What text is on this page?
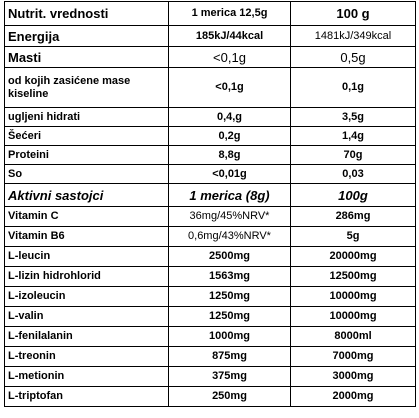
Nutrit. vrednosti	1 merica 12,5g	100 g
Energija	185kJ/44kcal	1481kJ/349kcal
Masti	<0,1g	0,5g
od kojih zasićene mase kiseline	<0,1g	0,1g
ugljeni hidrati	0,4,g	3,5g
Šećeri	0,2g	1,4g
Proteini	8,8g	70g
So	<0,01g	0,03
Aktivni sastojci	1 merica (8g)	100g
Vitamin C	36mg/45%NRV*	286mg
Vitamin B6	0,6mg/43%NRV*	5g
L-leucin	2500mg	20000mg
L-lizin hidrohlorid	1563mg	12500mg
L-izoleucin	1250mg	10000mg
L-valin	1250mg	10000mg
L-fenilalanin	1000mg	8000ml
L-treonin	875mg	7000mg
L-metionin	375mg	3000mg
L-triptofan	250mg	2000mg
